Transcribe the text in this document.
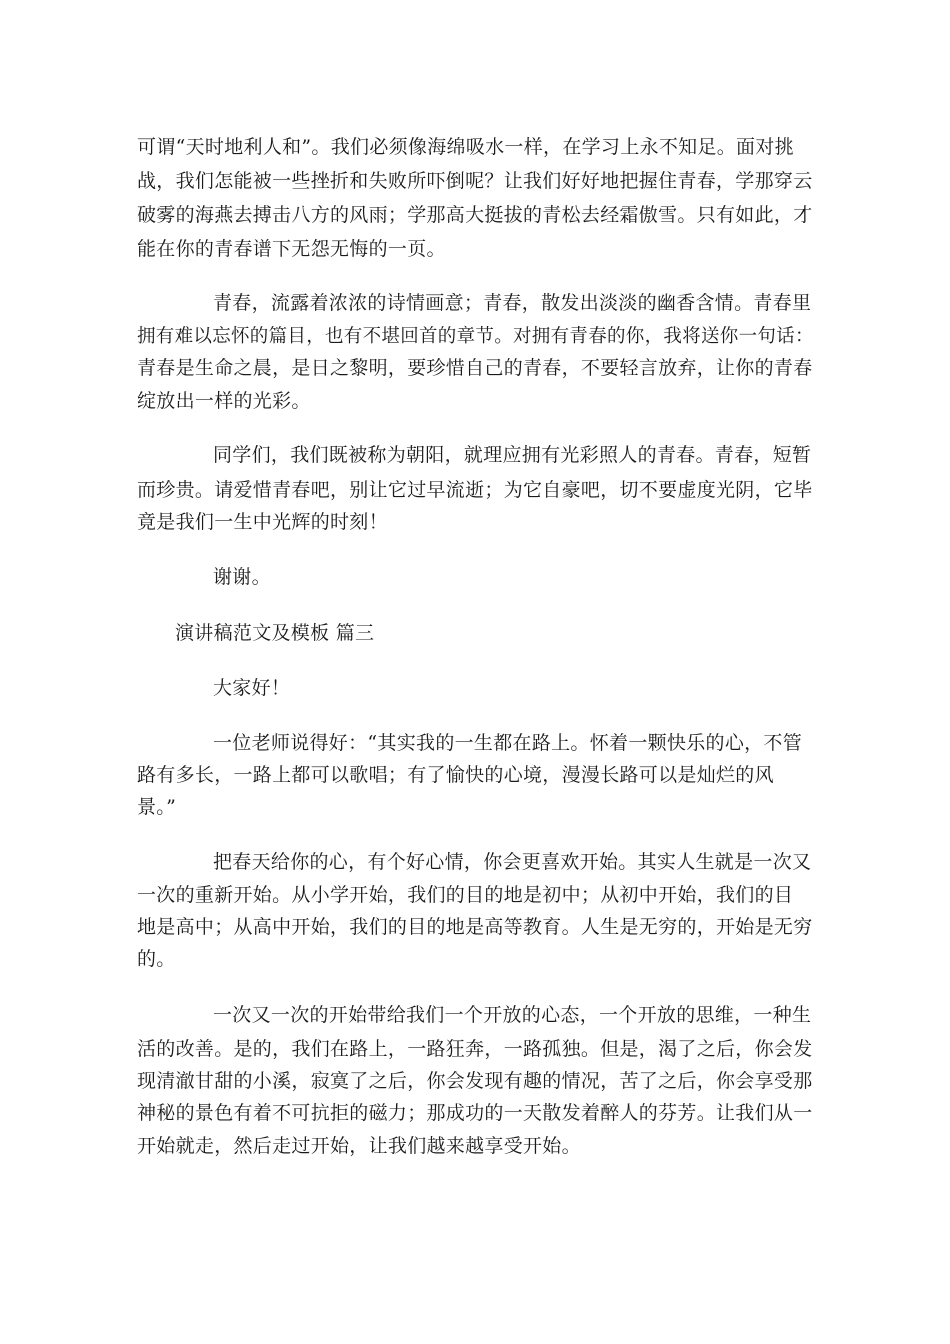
可谓“天时地利人和”。我们必须像海绵吸水一样，在学习上永不知足。面对挑
战，我们怎能被一些挫折和失败所吓倒呢？让我们好好地把握住青春，学那穿云
破雾的海燕去搏击八方的风雨；学那高大挺拔的青松去经霜傲雪。只有如此，才
能在你的青春谱下无怨无悔的一页。
青春，流露着浓浓的诗情画意；青春，散发出淡淡的幽香含情。青春里
拥有难以忘怀的篇目，也有不堪回首的章节。对拥有青春的你，我将送你一句话：
青春是生命之晨，是日之黎明，要珍惜自己的青春，不要轻言放弃，让你的青春
绽放出一样的光彩。
同学们，我们既被称为朝阳，就理应拥有光彩照人的青春。青春，短暂
而珍贵。请爱惜青春吧，别让它过早流逝；为它自豪吧，切不要虚度光阴，它毕
竟是我们一生中光辉的时刻！
谢谢。
演讲稿范文及模板 篇三
大家好！
一位老师说得好：“其实我的一生都在路上。怀着一颗快乐的心，不管
路有多长，一路上都可以歌唱；有了愉快的心境，漫漫长路可以是灿烂的风
景。”
把春天给你的心，有个好心情，你会更喜欢开始。其实人生就是一次又
一次的重新开始。从小学开始，我们的目的地是初中；从初中开始，我们的目
地是高中；从高中开始，我们的目的地是高等教育。人生是无穷的，开始是无穷
的。
一次又一次的开始带给我们一个开放的心态，一个开放的思维，一种生
活的改善。是的，我们在路上，一路狂奔，一路孤独。但是，渴了之后，你会发
现清澈甘甜的小溪，寂寞了之后，你会发现有趣的情况，苦了之后，你会享受那
神秘的景色有着不可抗拒的磁力；那成功的一天散发着醉人的芬芳。让我们从一
开始就走，然后走过开始，让我们越来越享受开始。
